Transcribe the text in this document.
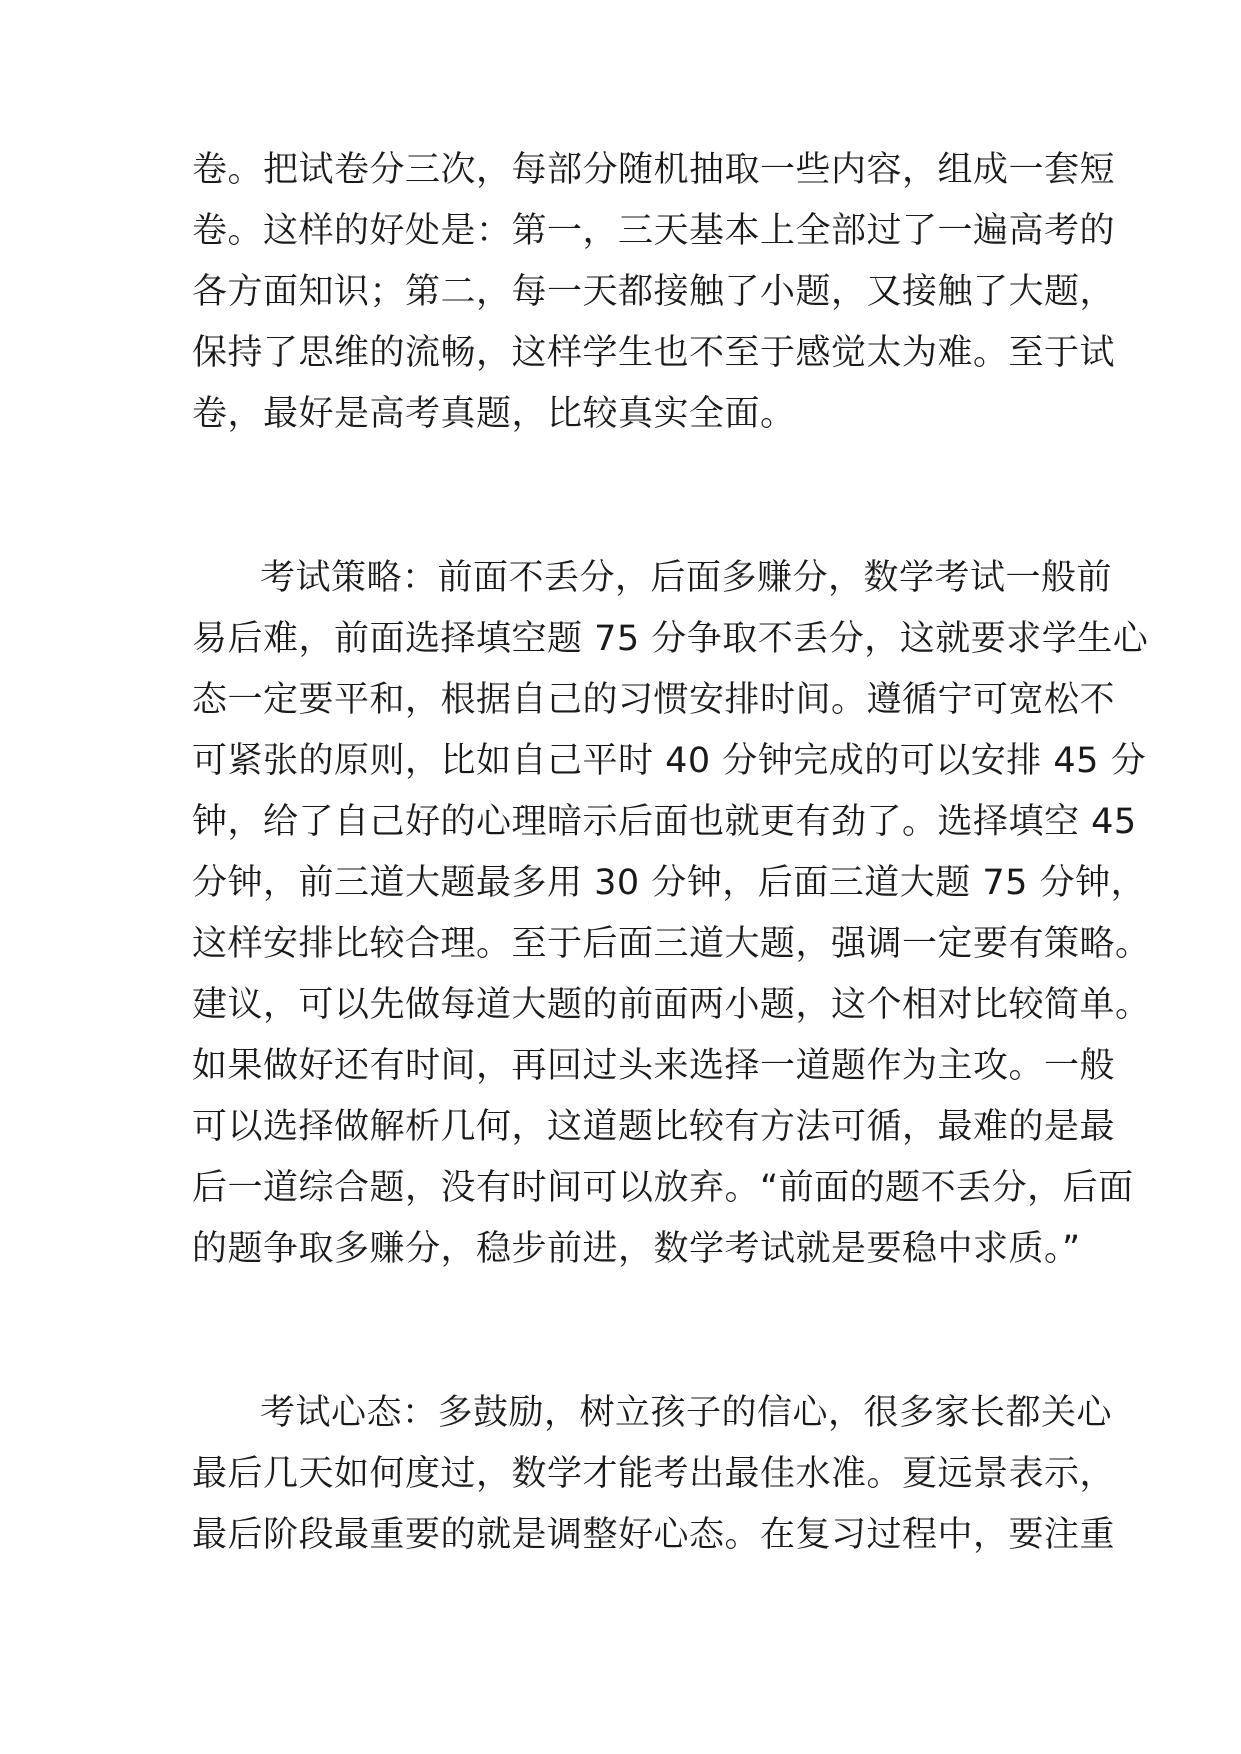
卷。把试卷分三次，每部分随机抽取一些内容，组成一套短
卷。这样的好处是：第一，三天基本上全部过了一遍高考的
各方面知识；第二，每一天都接触了小题，又接触了大题，
保持了思维的流畅，这样学生也不至于感觉太为难。至于试
卷，最好是高考真题，比较真实全面。
考试策略：前面不丢分，后面多赚分，数学考试一般前
易后难，前面选择填空题 75 分争取不丢分，这就要求学生心
态一定要平和，根据自己的习惯安排时间。遵循宁可宽松不
可紧张的原则，比如自己平时 40 分钟完成的可以安排 45 分
钟，给了自己好的心理暗示后面也就更有劲了。选择填空 45
分钟，前三道大题最多用 30 分钟，后面三道大题 75 分钟，
这样安排比较合理。至于后面三道大题，强调一定要有策略。
建议，可以先做每道大题的前面两小题，这个相对比较简单。
如果做好还有时间，再回过头来选择一道题作为主攻。一般
可以选择做解析几何，这道题比较有方法可循，最难的是最
后一道综合题，没有时间可以放弃。“前面的题不丢分，后面
的题争取多赚分，稳步前进，数学考试就是要稳中求质。”
考试心态：多鼓励，树立孩子的信心，很多家长都关心
最后几天如何度过，数学才能考出最佳水准。夏远景表示，
最后阶段最重要的就是调整好心态。在复习过程中，要注重
